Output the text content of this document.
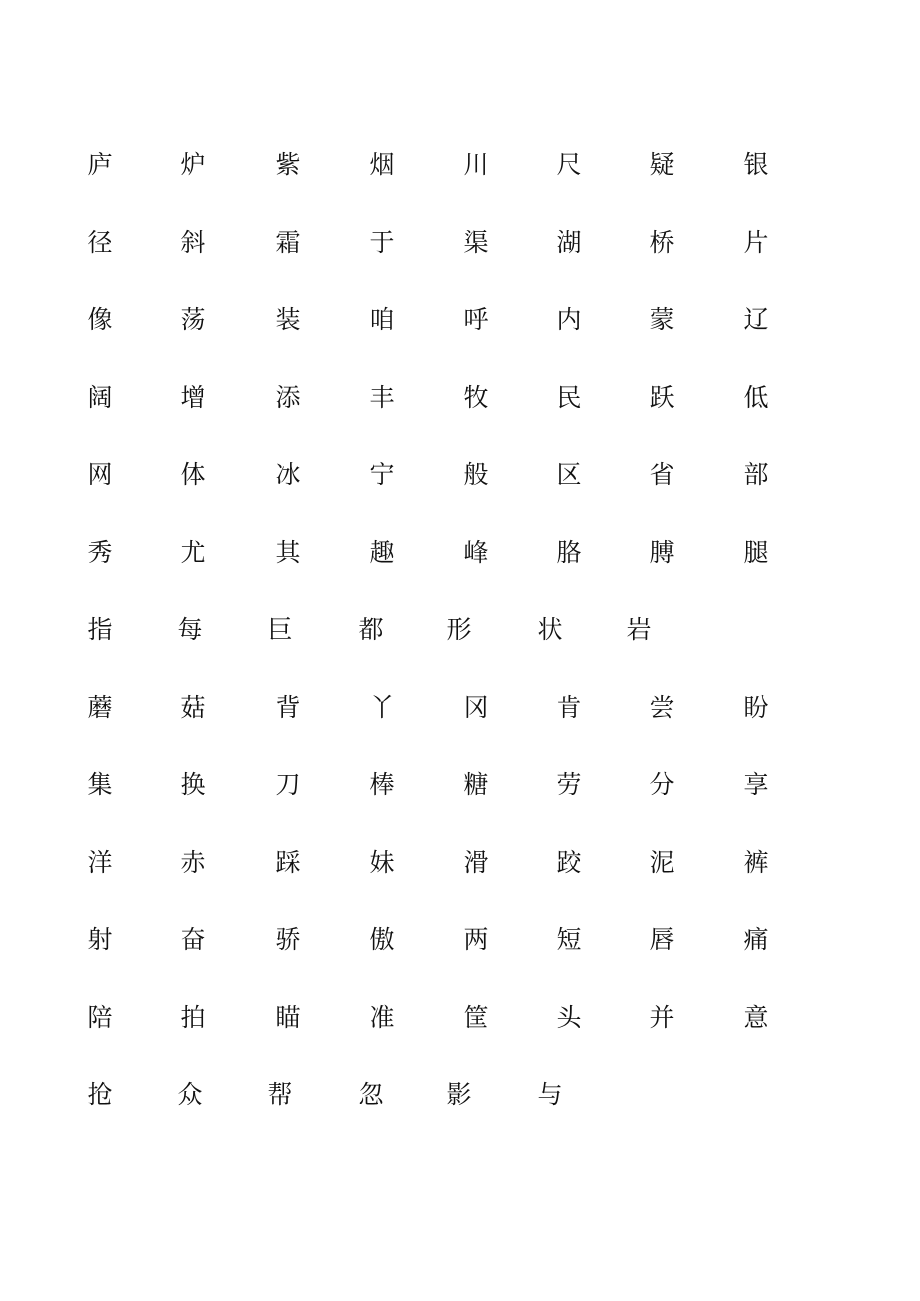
庐	炉	紫	烟	川	尺	疑	银
径	斜	霜	于	渠	湖	桥	片
像	荡	装	咱	呼	内	蒙	辽
阔	增	添	丰	牧	民	跃	低
网	体	冰	宁	般	区	省	部
秀	尤	其	趣	峰	胳	膊	腿
指	每	巨	都	形	状	岩
蘑	菇	背	丫	冈	肯	尝	盼
集	换	刀	棒	糖	劳	分	享
洋	赤	踩	妹	滑	跤	泥	裤
射	奋	骄	傲	两	短	唇	痛
陪	拍	瞄	准	筐	头	并	意
抢	众	帮	忽	影	与
